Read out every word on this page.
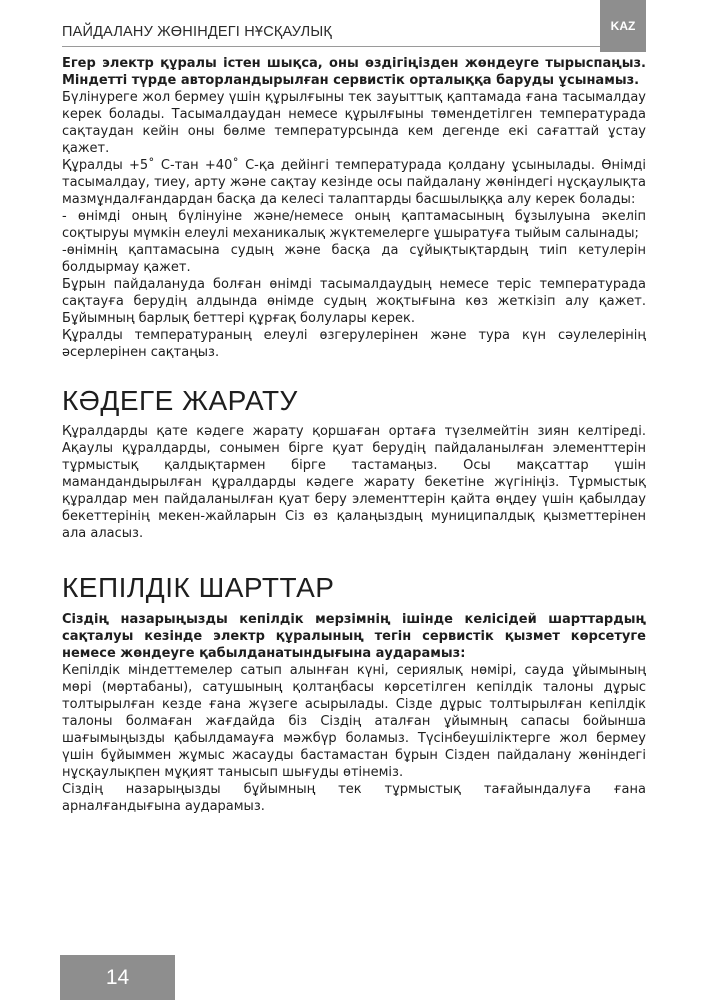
ПАЙДАЛАНУ ЖӨНІНДЕГІ НҰСҚАУЛЫҚ	KAZ

Егер электр құралы істен шықса, оны өздігіңізден жөндеуге тырыспаңыз. Міндетті түрде авторландырылған сервистік орталыққа баруды ұсынамыз.

Бүлінуреге жол бермеу үшін құрылғыны тек зауыттық қаптамада ғана тасымалдау керек болады. Тасымалдаудан немесе құрылғыны төмендетілген температурада сақтаудан кейін оны бөлме температурсында кем дегенде екі сағаттай ұстау қажет.

Құралды +5˚ С-тан +40˚ С-қа дейінгі температурада қолдану ұсынылады. Өнімді тасымалдау, тиеу, арту және сақтау кезінде осы пайдалану жөніндегі нұсқаулықта мазмұндалғандардан басқа да келесі талаптарды басшылыққа алу керек болады:

- өнімді оның бүлінуіне және/немесе оның қаптамасының бұзылуына әкеліп соқтыруы мүмкін елеулі механикалық жүктемелерге ұшыратуға тыйым салынады;

-өнімнің қаптамасына судың және басқа да сұйықтықтардың тиіп кетулерін болдырмау қажет.

Бұрын пайдалануда болған өнімді тасымалдаудың немесе теріс температурада сақтауға берудің алдында өнімде судың жоқтығына көз жеткізіп алу қажет. Бұйымның барлық беттері құрғақ болулары керек.

Құралды температураның елеулі өзгерулерінен және тура күн сәулелерінің әсерлерінен сақтаңыз.

КӘДЕГЕ ЖАРАТУ

Құралдарды қате кәдеге жарату қоршаған ортаға түзелмейтін зиян келтіреді. Ақаулы құралдарды, сонымен бірге қуат берудің пайдаланылған элементтерін тұрмыстық қалдықтармен бірге тастамаңыз. Осы мақсаттар үшін мамандандырылған құралдарды кәдеге жарату бекетіне жүгініңіз. Тұрмыстық құралдар мен пайдаланылған қуат беру элементтерін қайта өңдеу үшін қабылдау бекеттерінің мекен-жайларын Сіз өз қалаңыздың муниципалдық қызметтерінен ала аласыз.

КЕПІЛДІК ШАРТТАР

Сіздің назарыңызды кепілдік мерзімнің ішінде келісідей шарттардың сақталуы кезінде электр құралының тегін сервистік қызмет көрсетуге немесе жөндеуге қабылданатындығына аударамыз:

Кепілдік міндеттемелер сатып алынған күні, сериялық нөмірі, сауда ұйымының мөрі (мөртабаны), сатушының қолтаңбасы көрсетілген кепілдік талоны дұрыс толтырылған кезде ғана жүзеге асырылады. Сізде дұрыс толтырылған кепілдік талоны болмаған жағдайда біз Сіздің аталған ұйымның сапасы бойынша шағымыңызды қабылдамауға мәжбүр боламыз. Түсінбеушіліктерге жол бермеу үшін бұйыммен жұмыс жасауды бастамастан бұрын Сізден пайдалану жөніндегі нұсқаулықпен мұқият танысып шығуды өтінеміз.

Сіздің назарыңызды бұйымның тек тұрмыстық тағайындалуға ғана арналғандығына аударамыз.

14
